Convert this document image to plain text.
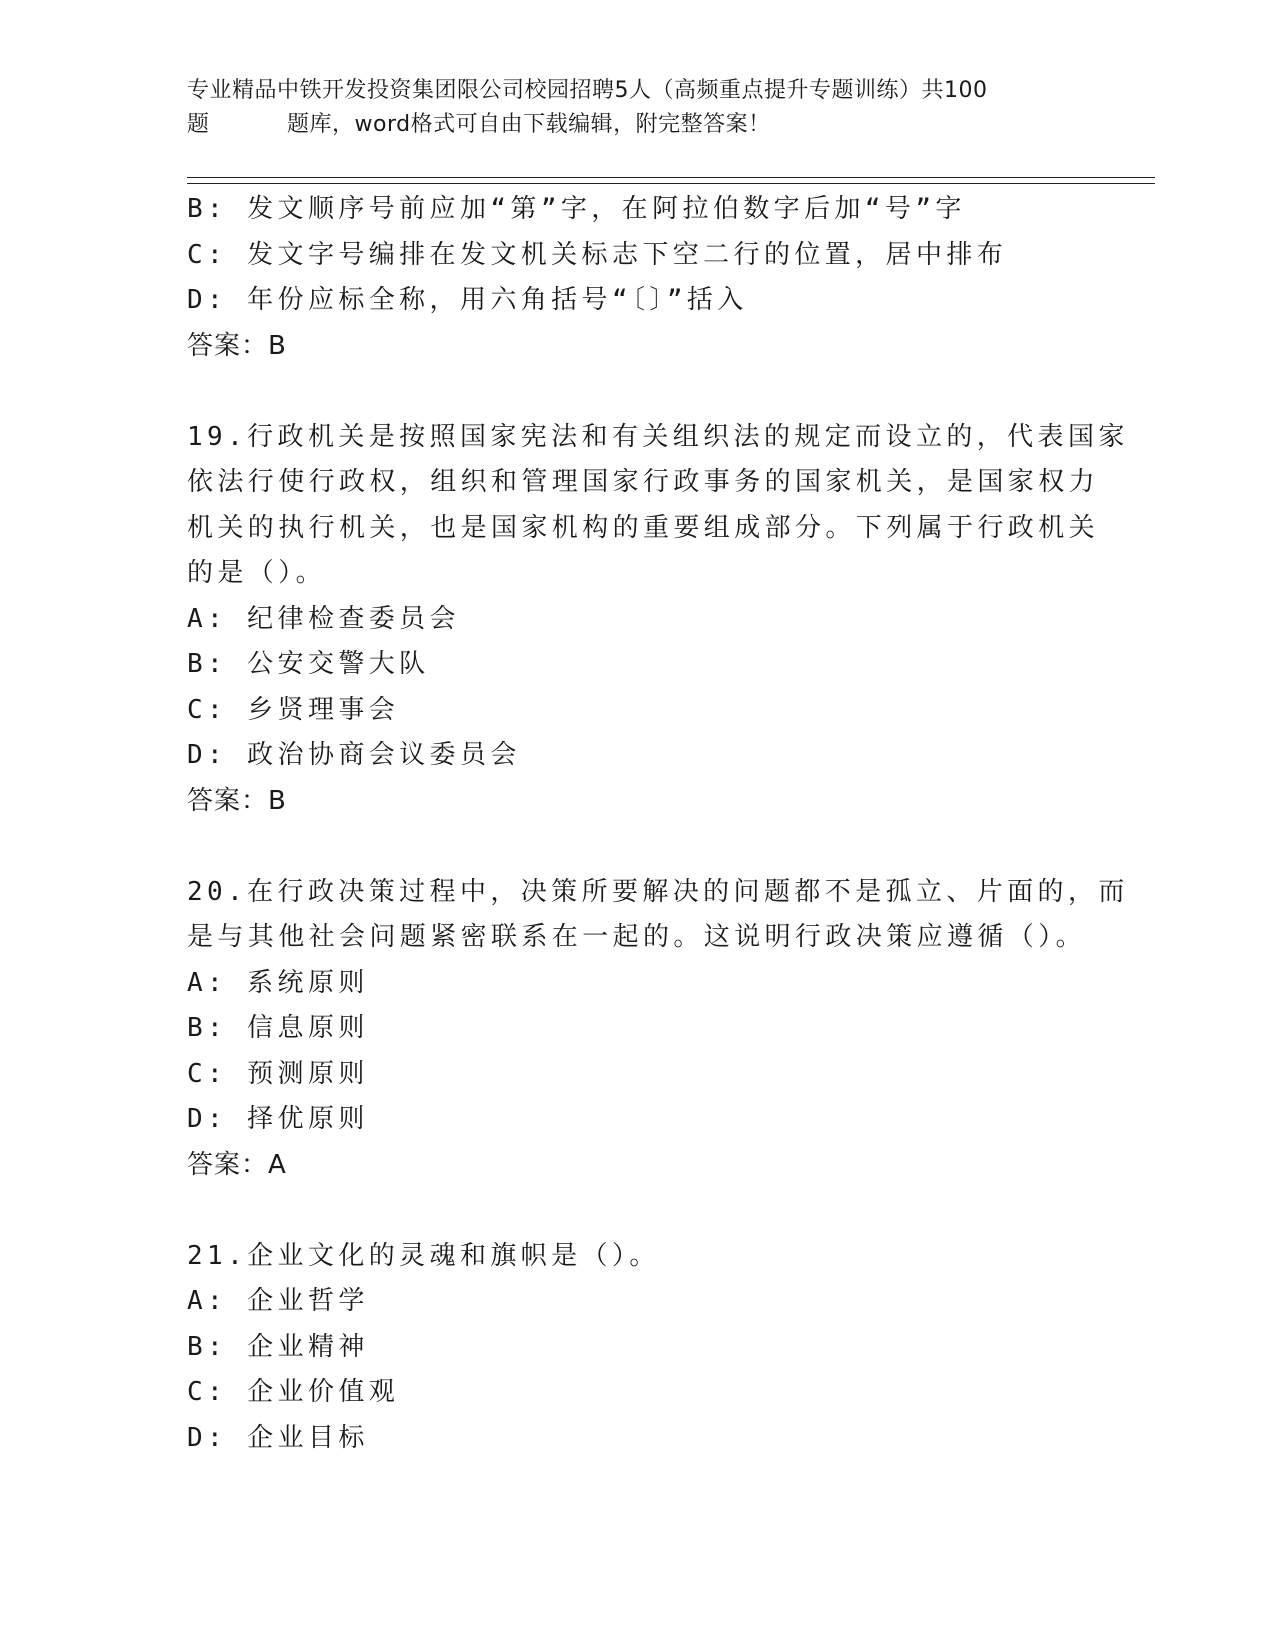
专业精品中铁开发投资集团限公司校园招聘5人（高频重点提升专题训练）共100
题	题库，word格式可自由下载编辑，附完整答案！
B: 发文顺序号前应加“第”字，在阿拉伯数字后加“号”字
C: 发文字号编排在发文机关标志下空二行的位置，居中排布
D: 年份应标全称，用六角括号“〔〕”括入
答案：B
19.行政机关是按照国家宪法和有关组织法的规定而设立的，代表国家
依法行使行政权，组织和管理国家行政事务的国家机关，是国家权力
机关的执行机关，也是国家机构的重要组成部分。下列属于行政机关
的是（）。
A: 纪律检查委员会
B: 公安交警大队
C: 乡贤理事会
D: 政治协商会议委员会
答案：B
20.在行政决策过程中，决策所要解决的问题都不是孤立、片面的，而
是与其他社会问题紧密联系在一起的。这说明行政决策应遵循（）。
A: 系统原则
B: 信息原则
C: 预测原则
D: 择优原则
答案：A
21.企业文化的灵魂和旗帜是（）。
A: 企业哲学
B: 企业精神
C: 企业价值观
D: 企业目标
